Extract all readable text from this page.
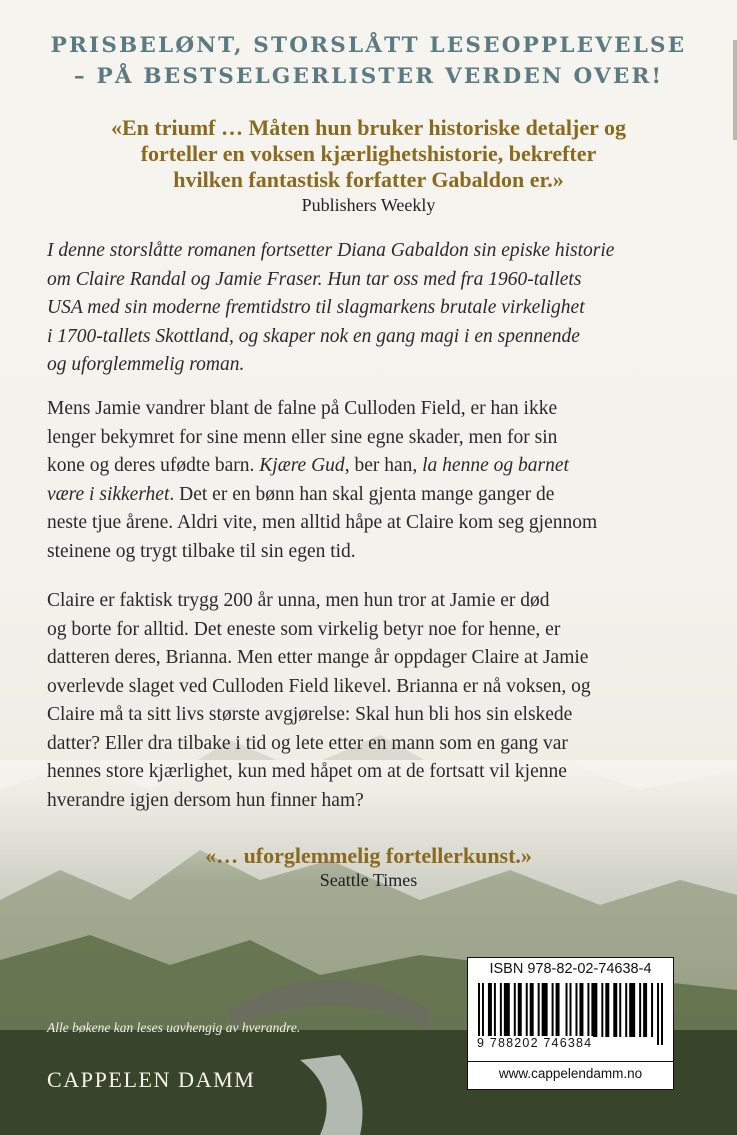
PRISBELØNT, STORSLÅTT LESEOPPLEVELSE
– PÅ BESTSELGERLISTER VERDEN OVER!
«En triumf … Måten hun bruker historiske detaljer og
forteller en voksen kjærlighetshistorie, bekrefter
hvilken fantastisk forfatter Gabaldon er.»
Publishers Weekly
I denne storslåtte romanen fortsetter Diana Gabaldon sin episke historie
om Claire Randal og Jamie Fraser. Hun tar oss med fra 1960-tallets
USA med sin moderne fremtidstro til slagmarkens brutale virkelighet
i 1700-tallets Skottland, og skaper nok en gang magi i en spennende
og uforglemmelig roman.
Mens Jamie vandrer blant de falne på Culloden Field, er han ikke
lenger bekymret for sine menn eller sine egne skader, men for sin
kone og deres ufødte barn. Kjære Gud, ber han, la henne og barnet
være i sikkerhet. Det er en bønn han skal gjenta mange ganger de
neste tjue årene. Aldri vite, men alltid håpe at Claire kom seg gjennom
steinene og trygt tilbake til sin egen tid.
Claire er faktisk trygg 200 år unna, men hun tror at Jamie er død
og borte for alltid. Det eneste som virkelig betyr noe for henne, er
datteren deres, Brianna. Men etter mange år oppdager Claire at Jamie
overlevde slaget ved Culloden Field likevel. Brianna er nå voksen, og
Claire må ta sitt livs største avgjørelse: Skal hun bli hos sin elskede
datter? Eller dra tilbake i tid og lete etter en mann som en gang var
hennes store kjærlighet, kun med håpet om at de fortsatt vil kjenne
hverandre igjen dersom hun finner ham?
«… uforglemmelig fortellerkunst.»
Seattle Times
Alle bøkene kan leses uavhengig av hverandre.
CAPPELEN DAMM
ISBN 978-82-02-74638-4
9 788202 746384
www.cappelendamm.no
